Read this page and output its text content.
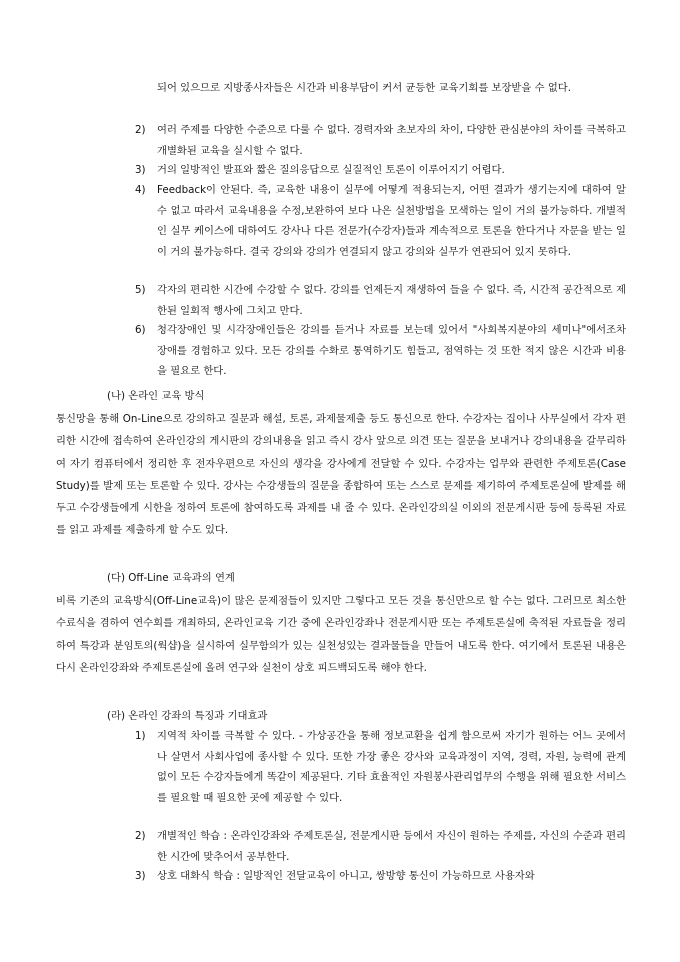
되어 있으므로 지방종사자들은 시간과 비용부담이 커서 균등한 교육기회를 보장받을 수 없다.
2)	여러 주제를 다양한 수준으로 다룰 수 없다. 경력자와 초보자의 차이, 다양한 관심분야의 차이를 극복하고 개별화된 교육을 실시할 수 없다.
3)	거의 일방적인 발표와 짧은 질의응답으로 실질적인 토론이 이루어지기 어렵다.
4)	Feedback이 안된다. 즉, 교육한 내용이 실무에 어떻게 적용되는지, 어떤 결과가 생기는지에 대하여 알 수 없고 따라서 교육내용을 수정,보완하여 보다 나은 실천방법을 모색하는 일이 거의 불가능하다. 개별적인 실무 케이스에 대하여도 강사나 다른 전문가(수강자)들과 계속적으로 토론을 한다거나 자문을 받는 일이 거의 불가능하다. 결국 강의와 강의가 연결되지 않고 강의와 실무가 연관되어 있지 못하다.
5)	각자의 편리한 시간에 수강할 수 없다. 강의를 언제든지 재생하여 들을 수 없다. 즉, 시간적 공간적으로 제한된 일회적 행사에 그치고 만다.
6)	청각장애인 및 시각장애인들은 강의를 듣거나 자료를 보는데 있어서 "사회복지분야의 세미나"에서조차 장애를 경험하고 있다. 모든 강의를 수화로 통역하기도 힘들고, 점역하는 것 또한 적지 않은 시간과 비용을 필요로 한다.
(나) 온라인 교육 방식
통신망을 통해 On-Line으로 강의하고 질문과 해설, 토론, 과제물제출 등도 통신으로 한다. 수강자는 집이나 사무실에서 각자 편리한 시간에 접속하여 온라인강의 게시판의 강의내용을 읽고 즉시 강사 앞으로 의견 또는 질문을 보내거나 강의내용을 갈무리하여 자기 컴퓨터에서 정리한 후 전자우편으로 자신의 생각을 강사에게 전달할 수 있다. 수강자는 업무와 관련한 주제토론(Case Study)를 발제 또는 토론할 수 있다. 강사는 수강생들의 질문을 종합하여 또는 스스로 문제를 제기하여 주제토론실에 발제를 해 두고 수강생들에게 시한을 정하여 토론에 참여하도록 과제를 내 줄 수 있다. 온라인강의실 이외의 전문게시판 등에 등록된 자료를 읽고 과제를 제출하게 할 수도 있다.
(다) Off-Line 교육과의 연계
비록 기존의 교육방식(Off-Line교육)이 많은 문제점들이 있지만 그렇다고 모든 것을 통신만으로 할 수는 없다. 그러므로 최소한 수료식을 겸하여 연수회를 개최하되, 온라인교육 기간 중에 온라인강좌나 전문게시판 또는 주제토론실에 축적된 자료들을 정리하여 특강과 분임토의(웍샵)을 실시하여 실무함의가 있는 실천성있는 결과물들을 만들어 내도록 한다. 여기에서 토론된 내용은 다시 온라인강좌와 주제토론실에 올려 연구와 실천이 상호 피드백되도록 해야 한다.
(라) 온라인 강좌의 특징과 기대효과
1)	지역적 차이를 극복할 수 있다. - 가상공간을 통해 정보교환을 쉽게 함으로써 자기가 원하는 어느 곳에서나 살면서 사회사업에 종사할 수 있다. 또한 가장 좋은 강사와 교육과정이 지역, 경력, 자원, 능력에 관계없이 모든 수강자들에게 똑같이 제공된다. 기타 효율적인 자원봉사관리업무의 수행을 위해 필요한 서비스를 필요할 때 필요한 곳에 제공할 수 있다.
2)	개별적인 학습 : 온라인강좌와 주제토론실, 전문게시판 등에서 자신이 원하는 주제를, 자신의 수준과 편리한 시간에 맞추어서 공부한다.
3)	상호 대화식 학습 : 일방적인 전달교육이 아니고, 쌍방향 통신이 가능하므로 사용자와
